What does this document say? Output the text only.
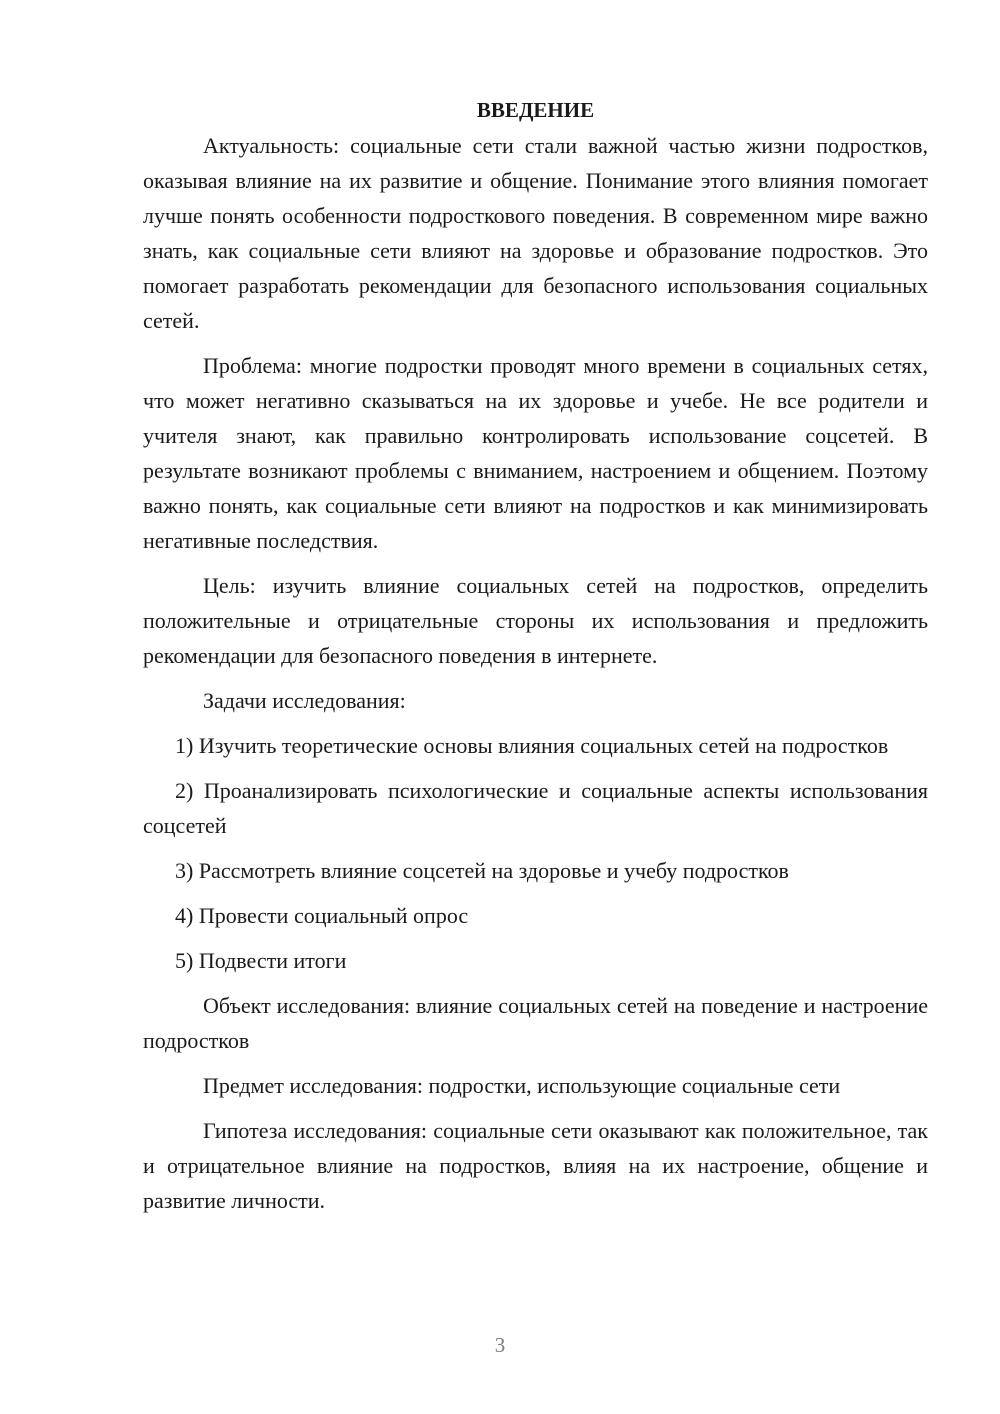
ВВЕДЕНИЕ

Актуальность: социальные сети стали важной частью жизни подростков, оказывая влияние на их развитие и общение. Понимание этого влияния помогает лучше понять особенности подросткового поведения. В современном мире важно знать, как социальные сети влияют на здоровье и образование подростков. Это помогает разработать рекомендации для безопасного использования социальных сетей.

Проблема: многие подростки проводят много времени в социальных сетях, что может негативно сказываться на их здоровье и учебе. Не все родители и учителя знают, как правильно контролировать использование соцсетей. В результате возникают проблемы с вниманием, настроением и общением. Поэтому важно понять, как социальные сети влияют на подростков и как минимизировать негативные последствия.

Цель: изучить влияние социальных сетей на подростков, определить положительные и отрицательные стороны их использования и предложить рекомендации для безопасного поведения в интернете.

Задачи исследования:

1) Изучить теоретические основы влияния социальных сетей на подростков

2) Проанализировать психологические и социальные аспекты использования соцсетей

3) Рассмотреть влияние соцсетей на здоровье и учебу подростков

4) Провести социальный опрос

5) Подвести итоги

Объект исследования: влияние социальных сетей на поведение и настроение подростков

Предмет исследования: подростки, использующие социальные сети

Гипотеза исследования: социальные сети оказывают как положительное, так и отрицательное влияние на подростков, влияя на их настроение, общение и развитие личности.

3
